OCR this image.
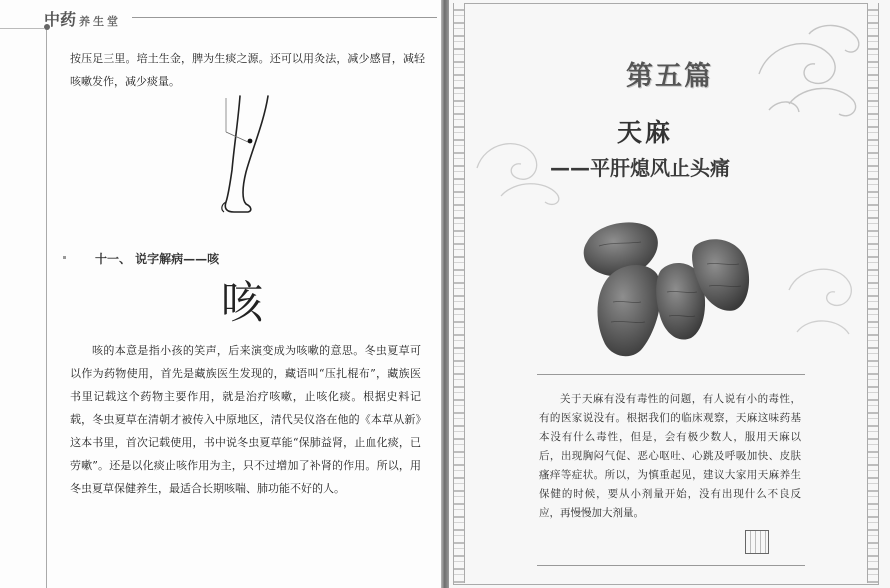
中药 养生堂

按压足三里。培土生金，脾为生痰之源。还可以用灸法，减少感冒，减轻咳嗽发作，减少痰量。

十一、 说字解病——咳
咳

咳的本意是指小孩的笑声，后来演变成为咳嗽的意思。冬虫夏草可以作为药物使用，首先是藏族医生发现的，藏语叫“压扎棍布”，藏族医书里记载这个药物主要作用，就是治疗咳嗽，止咳化痰。根据史料记载，冬虫夏草在清朝才被传入中原地区，清代吴仪洛在他的《本草从新》这本书里，首次记载使用，书中说冬虫夏草能“保肺益肾，止血化痰，已劳嗽”。还是以化痰止咳作用为主，只不过增加了补肾的作用。所以，用冬虫夏草保健养生，最适合长期咳喘、肺功能不好的人。

第五篇
天麻
——平肝熄风止头痛

关于天麻有没有毒性的问题，有人说有小的毒性，有的医家说没有。根据我们的临床观察，天麻这味药基本没有什么毒性，但是，会有极少数人，服用天麻以后，出现胸闷气促、恶心呕吐、心跳及呼吸加快、皮肤瘙痒等症状。所以，为慎重起见，建议大家用天麻养生保健的时候，要从小剂量开始，没有出现什么不良反应，再慢慢加大剂量。
